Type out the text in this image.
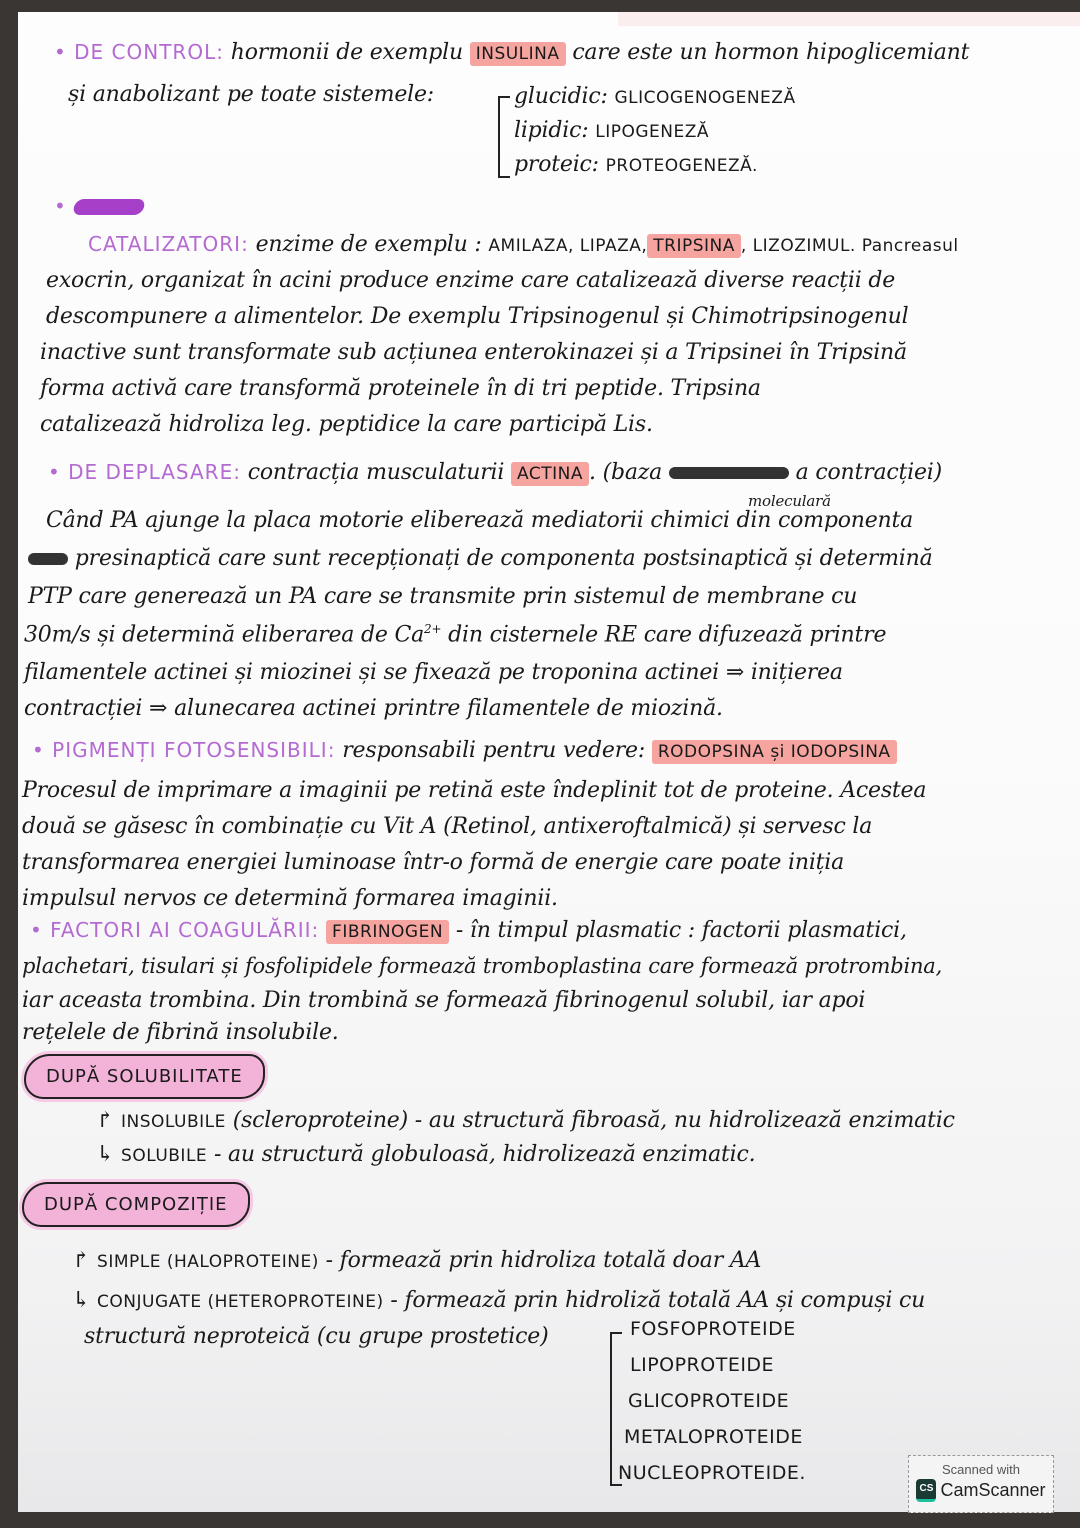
• DE CONTROL: hormonii de exemplu INSULINA care este un hormon hipoglicemiant
și anabolizant pe toate sistemele:	glucidic: GLICOGENOGENEZĂ
lipidic: LIPOGENEZĂ
proteic: PROTEOGENEZĂ.
•
CATALIZATORI: enzime de exemplu : AMILAZA, LIPAZA, TRIPSINA , LIZOZIMUL. Pancreasul
exocrin, organizat în acini produce enzime care catalizează diverse reacții de
descompunere a alimentelor. De exemplu Tripsinogenul și Chimotripsinogenul
inactive sunt transformate sub acțiunea enterokinazei și a Tripsinei în Tripsină
forma activă care transformă proteinele în di tri peptide. Tripsina
catalizează hidroliza leg. peptidice la care participă Lis.
• DE DEPLASARE: contracția musculaturii ACTINA . (baza	a contracției)
moleculară
Când PA ajunge la placa motorie eliberează mediatorii chimici din componenta
presinaptică care sunt recepționați de componenta postsinaptică și determină
PTP care generează un PA care se transmite prin sistemul de membrane cu
30m/s și determină eliberarea de $Ca^{2+}$ din cisternele RE care difuzează printre
filamentele actinei și miozinei și se fixează pe troponina actinei ⇒ inițierea
contracției ⇒ alunecarea actinei printre filamentele de miozină.
• PIGMENȚI FOTOSENSIBILI: responsabili pentru vedere: RODOPSINA și IODOPSINA
Procesul de imprimare a imaginii pe retină este îndeplinit tot de proteine. Acestea
două se găsesc în combinație cu Vit A (Retinol, antixeroftalmică) și servesc la
transformarea energiei luminoase într-o formă de energie care poate iniția
impulsul nervos ce determină formarea imaginii.
• FACTORI AI COAGULĂRII: FIBRINOGEN - în timpul plasmatic : factorii plasmatici,
plachetari, tisulari și fosfolipidele formează tromboplastina care formează protrombina,
iar aceasta trombina. Din trombină se formează fibrinogenul solubil, iar apoi
rețelele de fibrină insolubile.
DUPĂ SOLUBILITATE
↱ INSOLUBILE (scleroproteine) - au structură fibroasă, nu hidrolizează enzimatic
↳ SOLUBILE - au structură globuloasă, hidrolizează enzimatic.
DUPĂ COMPOZIȚIE
↱ SIMPLE (HALOPROTEINE) - formează prin hidroliza totală doar AA
↳ CONJUGATE (HETEROPROTEINE) - formează prin hidroliză totală AA și compuși cu
structură neproteică (cu grupe prostetice)	FOSFOPROTEIDE
LIPOPROTEIDE
GLICOPROTEIDE
METALOPROTEIDE
NUCLEOPROTEIDE.	Scanned with
CS CamScanner
